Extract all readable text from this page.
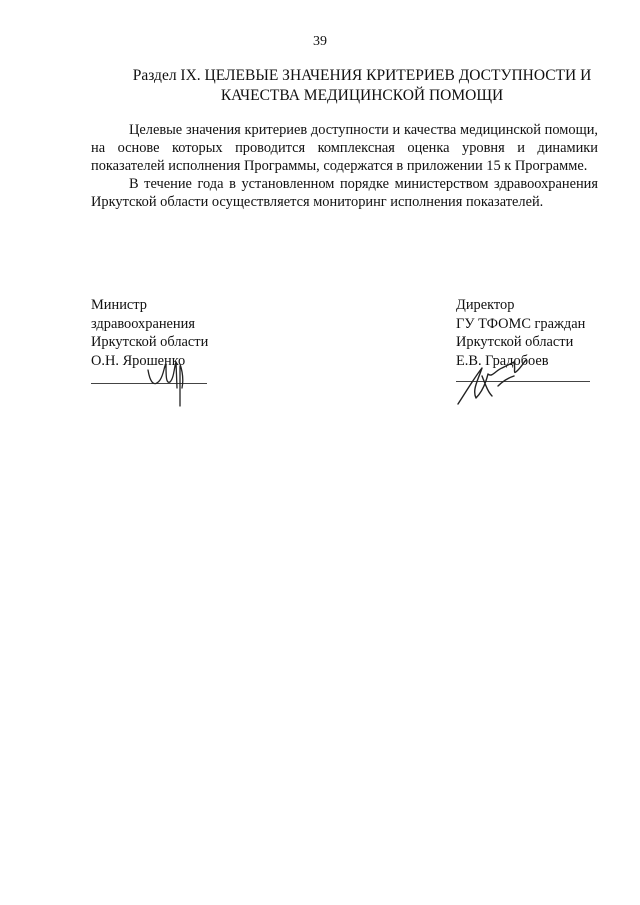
39
Раздел IX. ЦЕЛЕВЫЕ ЗНАЧЕНИЯ КРИТЕРИЕВ ДОСТУПНОСТИ И
КАЧЕСТВА МЕДИЦИНСКОЙ ПОМОЩИ

Целевые значения критериев доступности и качества медицинской помощи, на основе которых проводится комплексная оценка уровня и динамики показателей исполнения Программы, содержатся в приложении 15 к Программе.

В течение года в установленном порядке министерством здравоохранения Иркутской области осуществляется мониторинг исполнения показателей.

Министр
здравоохранения
Иркутской области
О.Н. Ярошенко
Директор
ГУ ТФОМС граждан
Иркутской области
Е.В. Градобоев
